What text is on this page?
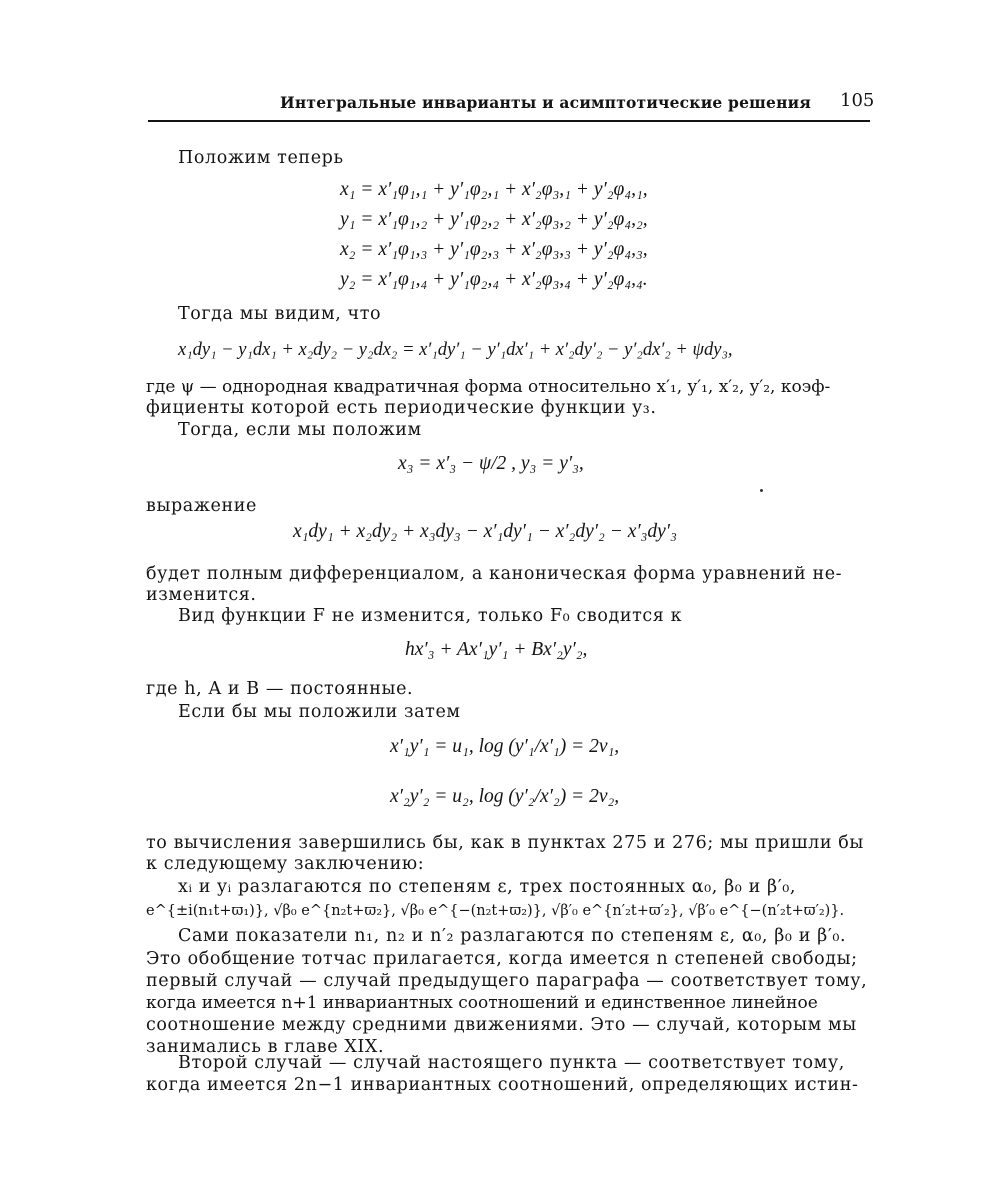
Интегральные инварианты и асимптотические решения 105
Положим теперь
x₁ = x′₁φ₁,₁ + y′₁φ₂,₁ + x′₂φ₃,₁ + y′₂φ₄,₁,
y₁ = x′₁φ₁,₂ + y′₁φ₂,₂ + x′₂φ₃,₂ + y′₂φ₄,₂,
x₂ = x′₁φ₁,₃ + y′₁φ₂,₃ + x′₂φ₃,₃ + y′₂φ₄,₃,
y₂ = x′₁φ₁,₄ + y′₁φ₂,₄ + x′₂φ₃,₄ + y′₂φ₄,₄.
Тогда мы видим, что
x₁dy₁ − y₁dx₁ + x₂dy₂ − y₂dx₂ = x′₁dy′₁ − y′₁dx′₁ + x′₂dy′₂ − y′₂dx′₂ + ψdy₃,
где ψ — однородная квадратичная форма относительно x′₁, y′₁, x′₂, y′₂, коэф-
фициенты которой есть периодические функции y₃.
Тогда, если мы положим
x₃ = x′₃ − ψ/2 , y₃ = y′₃,
выражение
x₁dy₁ + x₂dy₂ + x₃dy₃ − x′₁dy′₁ − x′₂dy′₂ − x′₃dy′₃
будет полным дифференциалом, а каноническая форма уравнений не-
изменится.
Вид функции F не изменится, только F₀ сводится к
hx′₃ + Ax′₁y′₁ + Bx′₂y′₂,
где h, A и B — постоянные.
Если бы мы положили затем
x′₁y′₁ = u₁, log (y′₁/x′₁) = 2v₁,
x′₂y′₂ = u₂, log (y′₂/x′₂) = 2v₂,
то вычисления завершились бы, как в пунктах 275 и 276; мы пришли бы
к следующему заключению:
xᵢ и yᵢ разлагаются по степеням ε, трех постоянных α₀, β₀ и β′₀,
e^{±i(n₁t+ϖ₁)}, √β₀ e^{n₂t+ϖ₂}, √β₀ e^{−(n₂t+ϖ₂)}, √β′₀ e^{n′₂t+ϖ′₂}, √β′₀ e^{−(n′₂t+ϖ′₂)}.
Сами показатели n₁, n₂ и n′₂ разлагаются по степеням ε, α₀, β₀ и β′₀.
Это обобщение тотчас прилагается, когда имеется n степеней свободы;
первый случай — случай предыдущего параграфа — соответствует тому,
когда имеется n+1 инвариантных соотношений и единственное линейное
соотношение между средними движениями. Это — случай, которым мы
занимались в главе XIX.
Второй случай — случай настоящего пункта — соответствует тому,
когда имеется 2n−1 инвариантных соотношений, определяющих истин-
